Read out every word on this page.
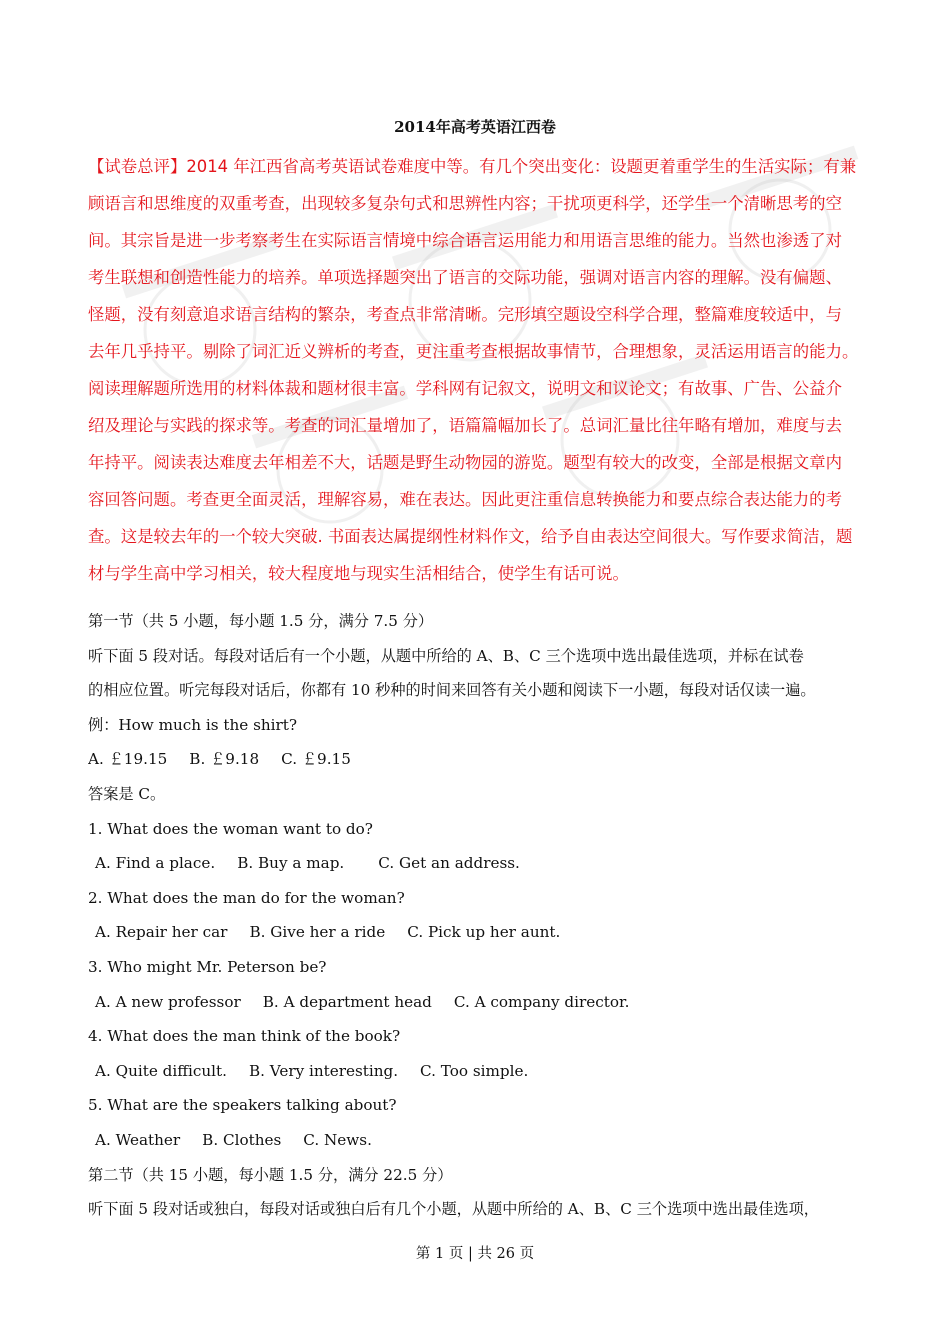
2014年高考英语江西卷
【试卷总评】2014 年江西省高考英语试卷难度中等。有几个突出变化：设题更着重学生的生活实际；有兼
顾语言和思维度的双重考查，出现较多复杂句式和思辨性内容；干扰项更科学，还学生一个清晰思考的空
间。其宗旨是进一步考察考生在实际语言情境中综合语言运用能力和用语言思维的能力。当然也渗透了对
考生联想和创造性能力的培养。单项选择题突出了语言的交际功能，强调对语言内容的理解。没有偏题、
怪题，没有刻意追求语言结构的繁杂，考查点非常清晰。完形填空题设空科学合理，整篇难度较适中，与
去年几乎持平。剔除了词汇近义辨析的考查，更注重考查根据故事情节，合理想象，灵活运用语言的能力。
阅读理解题所选用的材料体裁和题材很丰富。学科网有记叙文，说明文和议论文；有故事、广告、公益介
绍及理论与实践的探求等。考查的词汇量增加了，语篇篇幅加长了。总词汇量比往年略有增加，难度与去
年持平。阅读表达难度去年相差不大，话题是野生动物园的游览。题型有较大的改变，全部是根据文章内
容回答问题。考查更全面灵活，理解容易，难在表达。因此更注重信息转换能力和要点综合表达能力的考
查。这是较去年的一个较大突破. 书面表达属提纲性材料作文，给予自由表达空间很大。写作要求简洁，题
材与学生高中学习相关，较大程度地与现实生活相结合，使学生有话可说。
第一节（共 5 小题，每小题 1.5 分，满分 7.5 分）
听下面 5 段对话。每段对话后有一个小题，从题中所给的 A、B、C 三个选项中选出最佳选项，并标在试卷
的相应位置。听完每段对话后，你都有 10 秒种的时间来回答有关小题和阅读下一小题，每段对话仅读一遍。
例：How much is the shirt?
A. ￡19.15 B. ￡9.18 C. ￡9.15
答案是 C。
1. What does the woman want to do?
A. Find a place. B. Buy a map. C. Get an address.
2. What does the man do for the woman?
A. Repair her car B. Give her a ride C. Pick up her aunt.
3. Who might Mr. Peterson be?
A. A new professor B. A department head C. A company director.
4. What does the man think of the book?
A. Quite difficult. B. Very interesting. C. Too simple.
5. What are the speakers talking about?
A. Weather B. Clothes C. News.
第二节（共 15 小题，每小题 1.5 分，满分 22.5 分）
听下面 5 段对话或独白，每段对话或独白后有几个小题，从题中所给的 A、B、C 三个选项中选出最佳选项，
第 1 页 | 共 26 页
